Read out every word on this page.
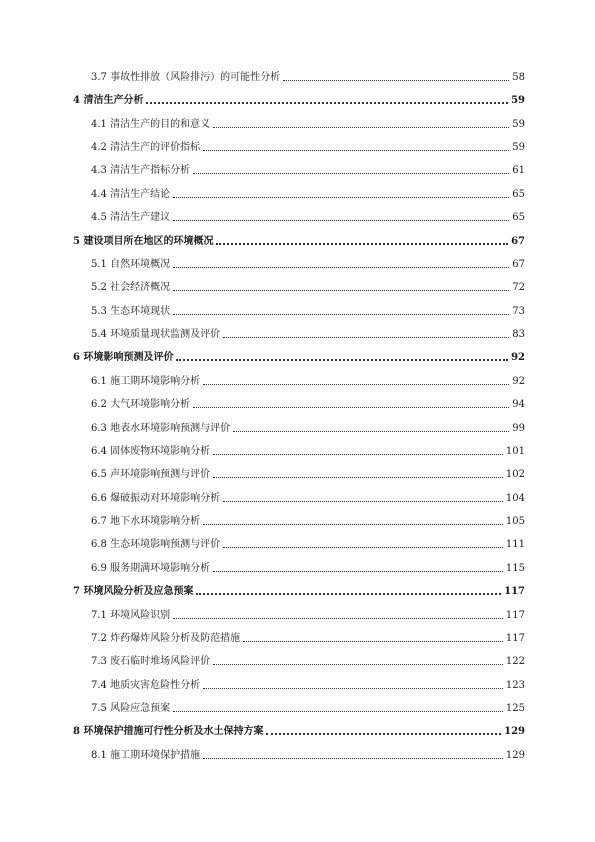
3.7 事故性排放（风险排污）的可能性分析	58
4 清洁生产分析	59
4.1 清洁生产的目的和意义	59
4.2 清洁生产的评价指标	59
4.3 清洁生产指标分析	61
4.4 清洁生产结论	65
4.5 清洁生产建议	65
5 建设项目所在地区的环境概况	67
5.1 自然环境概况	67
5.2 社会经济概况	72
5.3 生态环境现状	73
5.4 环境质量现状监测及评价	83
6 环境影响预测及评价	92
6.1 施工期环境影响分析	92
6.2 大气环境影响分析	94
6.3 地表水环境影响预测与评价	99
6.4 固体废物环境影响分析	101
6.5 声环境影响预测与评价	102
6.6 爆破振动对环境影响分析	104
6.7 地下水环境影响分析	105
6.8 生态环境影响预测与评价	111
6.9 服务期满环境影响分析	115
7 环境风险分析及应急预案	117
7.1 环境风险识别	117
7.2 炸药爆炸风险分析及防范措施	117
7.3 废石临时堆场风险评价	122
7.4 地质灾害危险性分析	123
7.5 风险应急预案	125
8 环境保护措施可行性分析及水土保持方案	129
8.1 施工期环境保护措施	129
